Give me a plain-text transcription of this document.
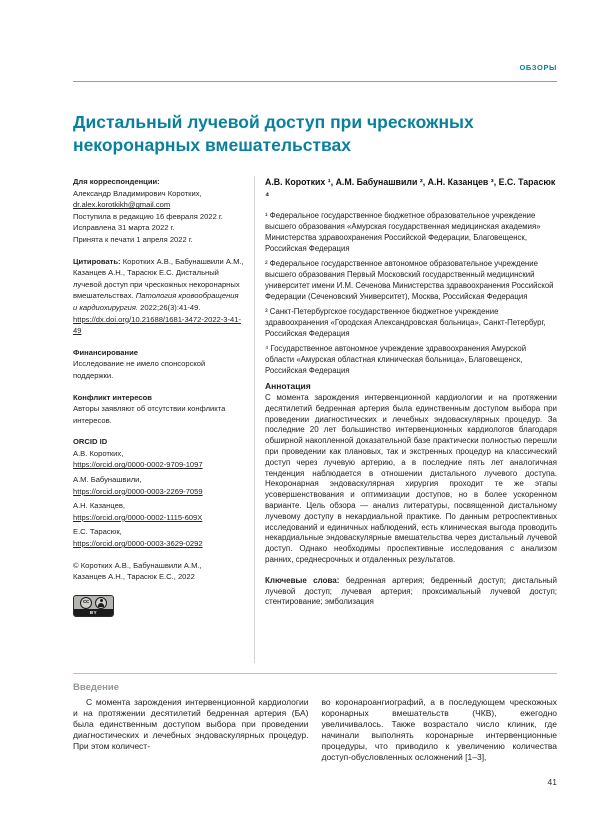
ОБЗОРЫ
Дистальный лучевой доступ при чрескожных некоронарных вмешательствах
Для корреспонденции:
Александр Владимирович Коротких,
dr.alex.korotkikh@gmail.com
Поступила в редакцию 16 февраля 2022 г.
Исправлена 31 марта 2022 г.
Принята к печати 1 апреля 2022 г.
Цитировать: Коротких А.В., Бабунашвили А.М., Казанцев А.Н., Тарасюк Е.С. Дистальный лучевой доступ при чрескожных некоронарных вмешательствах. Патология кровообращения и кардиохирургия. 2022;26(3):41-49. https://dx.doi.org/10.21688/1681-3472-2022-3-41-49
Финансирование
Исследование не имело спонсорской поддержки.
Конфликт интересов
Авторы заявляют об отсутствии конфликта интересов.
ORCID ID
А.В. Коротких,
https://orcid.org/0000-0002-9709-1097
А.М. Бабунашвили,
https://orcid.org/0000-0003-2269-7059
А.Н. Казанцев,
https://orcid.org/0000-0002-1115-609X
Е.С. Тарасюк,
https://orcid.org/0000-0003-3629-0292
© Коротких А.В., Бабунашвили А.М.,
Казанцев А.Н., Тарасюк Е.С., 2022
cc
BY
А.В. Коротких ¹, А.М. Бабунашвили ², А.Н. Казанцев ³, Е.С. Тарасюк ⁴
¹ Федеральное государственное бюджетное образовательное учреждение высшего образования «Амурская государственная медицинская академия» Министерства здравоохранения Российской Федерации, Благовещенск, Российская Федерация
² Федеральное государственное автономное образовательное учреждение высшего образования Первый Московский государственный медицинский университет имени И.М. Сеченова Министерства здравоохранения Российской Федерации (Сеченовский Университет), Москва, Российская Федерация
³ Санкт-Петербургское государственное бюджетное учреждение здравоохранения «Городская Александровская больница», Санкт-Петербург, Российская Федерация
⁴ Государственное автономное учреждение здравоохранения Амурской области «Амурская областная клиническая больница», Благовещенск, Российская Федерация
Аннотация
С момента зарождения интервенционной кардиологии и на протяжении десятилетий бедренная артерия была единственным доступом выбора при проведении диагностических и лечебных эндоваскулярных процедур. За последние 20 лет большинство интервенционных кардиологов благодаря обширной накопленной доказательной базе практически полностью перешли при проведении как плановых, так и экстренных процедур на классический доступ через лучевую артерию, а в последние пять лет аналогичная тенденция наблюдается в отношении дистального лучевого доступа. Некоронарная эндоваскулярная хирургия проходит те же этапы усовершенствования и оптимизации доступов, но в более ускоренном варианте. Цель обзора — анализ литературы, посвященной дистальному лучевому доступу в некардиальной практике. По данным ретроспективных исследований и единичных наблюдений, есть клиническая выгода проводить некардиальные эндоваскулярные вмешательства через дистальный лучевой доступ. Однако необходимы проспективные исследования с анализом ранних, среднесрочных и отдаленных результатов.
Ключевые слова: бедренная артерия; бедренный доступ; дистальный лучевой доступ; лучевая артерия; проксимальный лучевой доступ; стентирование; эмболизация
Введение
С момента зарождения интервенционной кардиологии и на протяжении десятилетий бедренная артерия (БА) была единственным доступом выбора при проведении диагностических и лечебных эндоваскулярных процедур. При этом количест-
во коронароангиографий, а в последующем чрескожных коронарных вмешательств (ЧКВ), ежегодно увеличивалось. Также возрастало число клиник, где начинали выполнять коронарные интервенционные процедуры, что приводило к увеличению количества доступ-обусловленных осложнений [1–3],
41
